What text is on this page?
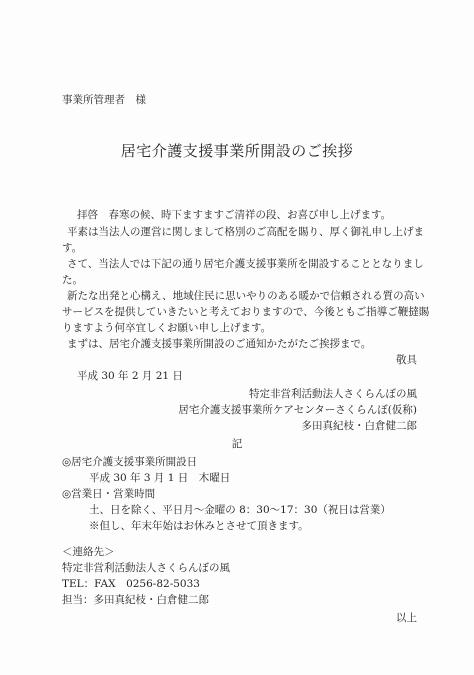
事業所管理者　様
居宅介護支援事業所開設のご挨拶
拝啓　春寒の候、時下ますますご清祥の段、お喜び申し上げます。
平素は当法人の運営に関しまして格別のご高配を賜り、厚く御礼申し上げま
す。
さて、当法人では下記の通り居宅介護支援事業所を開設することとなりまし
た。
新たな出発と心構え、地域住民に思いやりのある暖かで信頼される質の高い
サービスを提供していきたいと考えておりますので、今後ともご指導ご鞭撻賜
りますよう何卒宜しくお願い申し上げます。
まずは、居宅介護支援事業所開設のご通知かたがたご挨拶まで。
敬具
平成 30 年 2 月 21 日
特定非営利活動法人さくらんぼの風
居宅介護支援事業所ケアセンターさくらんぼ(仮称)
多田真紀枝・白倉健二郎
記
◎居宅介護支援事業所開設日
平成 30 年 3 月 1 日　木曜日
◎営業日・営業時間
土、日を除く、平日月～金曜の 8：30～17：30（祝日は営業）
※但し、年末年始はお休みとさせて頂きます。
＜連絡先＞
特定非営利活動法人さくらんぼの風
TEL：FAX　0256-82-5033
担当：多田真紀枝・白倉健二郎
以上
